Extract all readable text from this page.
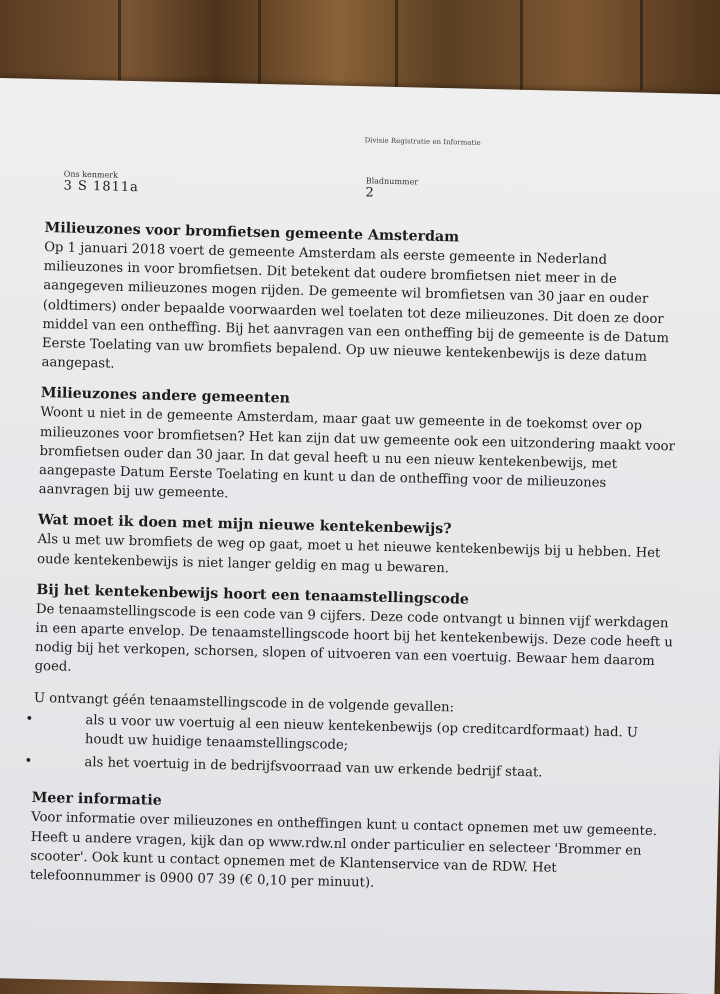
Divisie Registratie en Informatie
Ons kenmerk
3 S 1811a	Bladnummer
2
Milieuzones voor bromfietsen gemeente Amsterdam

Op 1 januari 2018 voert de gemeente Amsterdam als eerste gemeente in Nederland milieuzones in voor bromfietsen. Dit betekent dat oudere bromfietsen niet meer in de aangegeven milieuzones mogen rijden. De gemeente wil bromfietsen van 30 jaar en ouder (oldtimers) onder bepaalde voorwaarden wel toelaten tot deze milieuzones. Dit doen ze door middel van een ontheffing. Bij het aanvragen van een ontheffing bij de gemeente is de Datum Eerste Toelating van uw bromfiets bepalend. Op uw nieuwe kentekenbewijs is deze datum aangepast.

Milieuzones andere gemeenten

Woont u niet in de gemeente Amsterdam, maar gaat uw gemeente in de toekomst over op milieuzones voor bromfietsen? Het kan zijn dat uw gemeente ook een uitzondering maakt voor bromfietsen ouder dan 30 jaar. In dat geval heeft u nu een nieuw kentekenbewijs, met aangepaste Datum Eerste Toelating en kunt u dan de ontheffing voor de milieuzones aanvragen bij uw gemeente.

Wat moet ik doen met mijn nieuwe kentekenbewijs?

Als u met uw bromfiets de weg op gaat, moet u het nieuwe kentekenbewijs bij u hebben. Het oude kentekenbewijs is niet langer geldig en mag u bewaren.

Bij het kentekenbewijs hoort een tenaamstellingscode

De tenaamstellingscode is een code van 9 cijfers. Deze code ontvangt u binnen vijf werkdagen in een aparte envelop. De tenaamstellingscode hoort bij het kentekenbewijs. Deze code heeft u nodig bij het verkopen, schorsen, slopen of uitvoeren van een voertuig. Bewaar hem daarom goed.

U ontvangt géén tenaamstellingscode in de volgende gevallen:

•	als u voor uw voertuig al een nieuw kentekenbewijs (op creditcardformaat) had. U houdt uw huidige tenaamstellingscode;
•	als het voertuig in de bedrijfsvoorraad van uw erkende bedrijf staat.
Meer informatie

Voor informatie over milieuzones en ontheffingen kunt u contact opnemen met uw gemeente. Heeft u andere vragen, kijk dan op www.rdw.nl onder particulier en selecteer 'Brommer en scooter'. Ook kunt u contact opnemen met de Klantenservice van de RDW. Het telefoonnummer is 0900 07 39 (€ 0,10 per minuut).
